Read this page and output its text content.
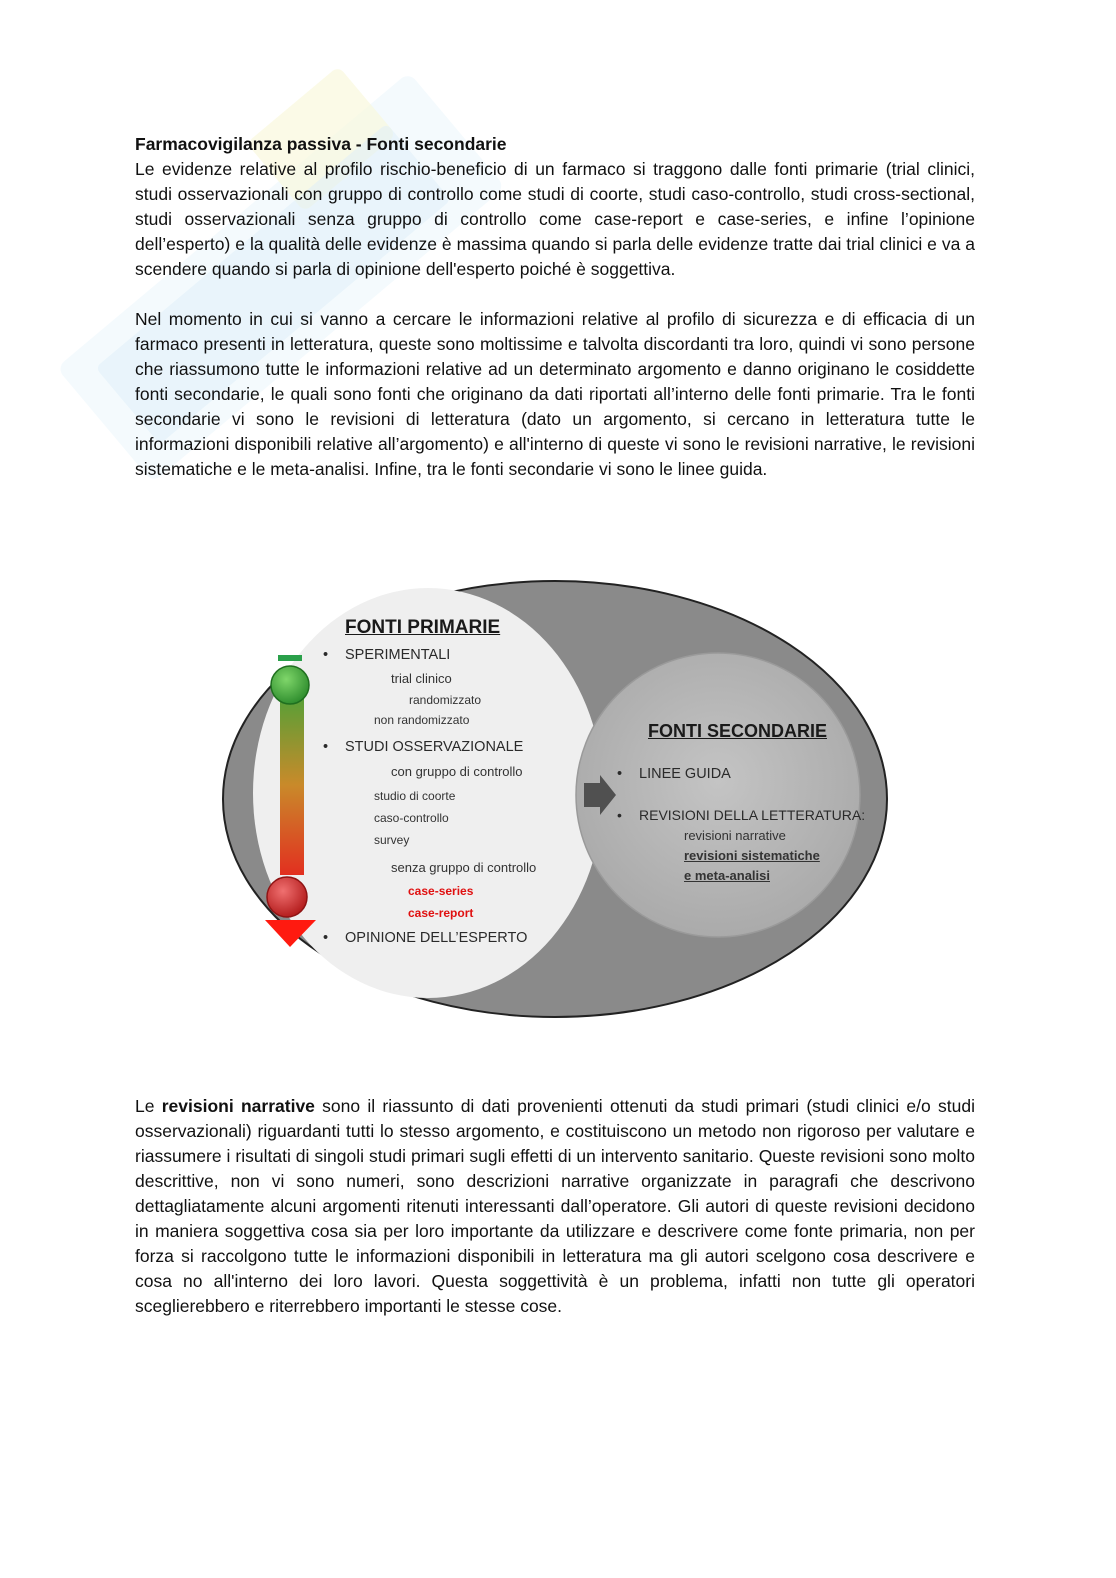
Farmacovigilanza passiva - Fonti secondarie
Le evidenze relative al profilo rischio-beneficio di un farmaco si traggono dalle fonti primarie (trial clinici, studi osservazionali con gruppo di controllo come studi di coorte, studi caso-controllo, studi cross-sectional, studi osservazionali senza gruppo di controllo come case-report e case-series, e infine l’opinione dell’esperto) e la qualità delle evidenze è massima quando si parla delle evidenze tratte dai trial clinici e va a scendere quando si parla di opinione dell'esperto poiché è soggettiva.
Nel momento in cui si vanno a cercare le informazioni relative al profilo di sicurezza e di efficacia di un farmaco presenti in letteratura, queste sono moltissime e talvolta discordanti tra loro, quindi vi sono persone che riassumono tutte le informazioni relative ad un determinato argomento e danno originano le cosiddette fonti secondarie, le quali sono fonti che originano da dati riportati all’interno delle fonti primarie. Tra le fonti secondarie vi sono le revisioni di letteratura (dato un argomento, si cercano in letteratura tutte le informazioni disponibili relative all’argomento) e all'interno di queste vi sono le revisioni narrative, le revisioni sistematiche e le meta-analisi. Infine, tra le fonti secondarie vi sono le linee guida.
FONTI PRIMARIE
• SPERIMENTALI
trial clinico
randomizzato
non randomizzato
• STUDI OSSERVAZIONALE
con gruppo di controllo
studio di coorte
caso-controllo
survey
senza gruppo di controllo
case-series
case-report
• OPINIONE DELL’ESPERTO
FONTI SECONDARIE
• LINEE GUIDA
• REVISIONI DELLA LETTERATURA:
revisioni narrative
revisioni sistematiche
e meta-analisi
Le revisioni narrative sono il riassunto di dati provenienti ottenuti da studi primari (studi clinici e/o studi osservazionali) riguardanti tutti lo stesso argomento, e costituiscono un metodo non rigoroso per valutare e riassumere i risultati di singoli studi primari sugli effetti di un intervento sanitario. Queste revisioni sono molto descrittive, non vi sono numeri, sono descrizioni narrative organizzate in paragrafi che descrivono dettagliatamente alcuni argomenti ritenuti interessanti dall’operatore. Gli autori di queste revisioni decidono in maniera soggettiva cosa sia per loro importante da utilizzare e descrivere come fonte primaria, non per forza si raccolgono tutte le informazioni disponibili in letteratura ma gli autori scelgono cosa descrivere e cosa no all'interno dei loro lavori. Questa soggettività è un problema, infatti non tutte gli operatori sceglierebbero e riterrebbero importanti le stesse cose.
